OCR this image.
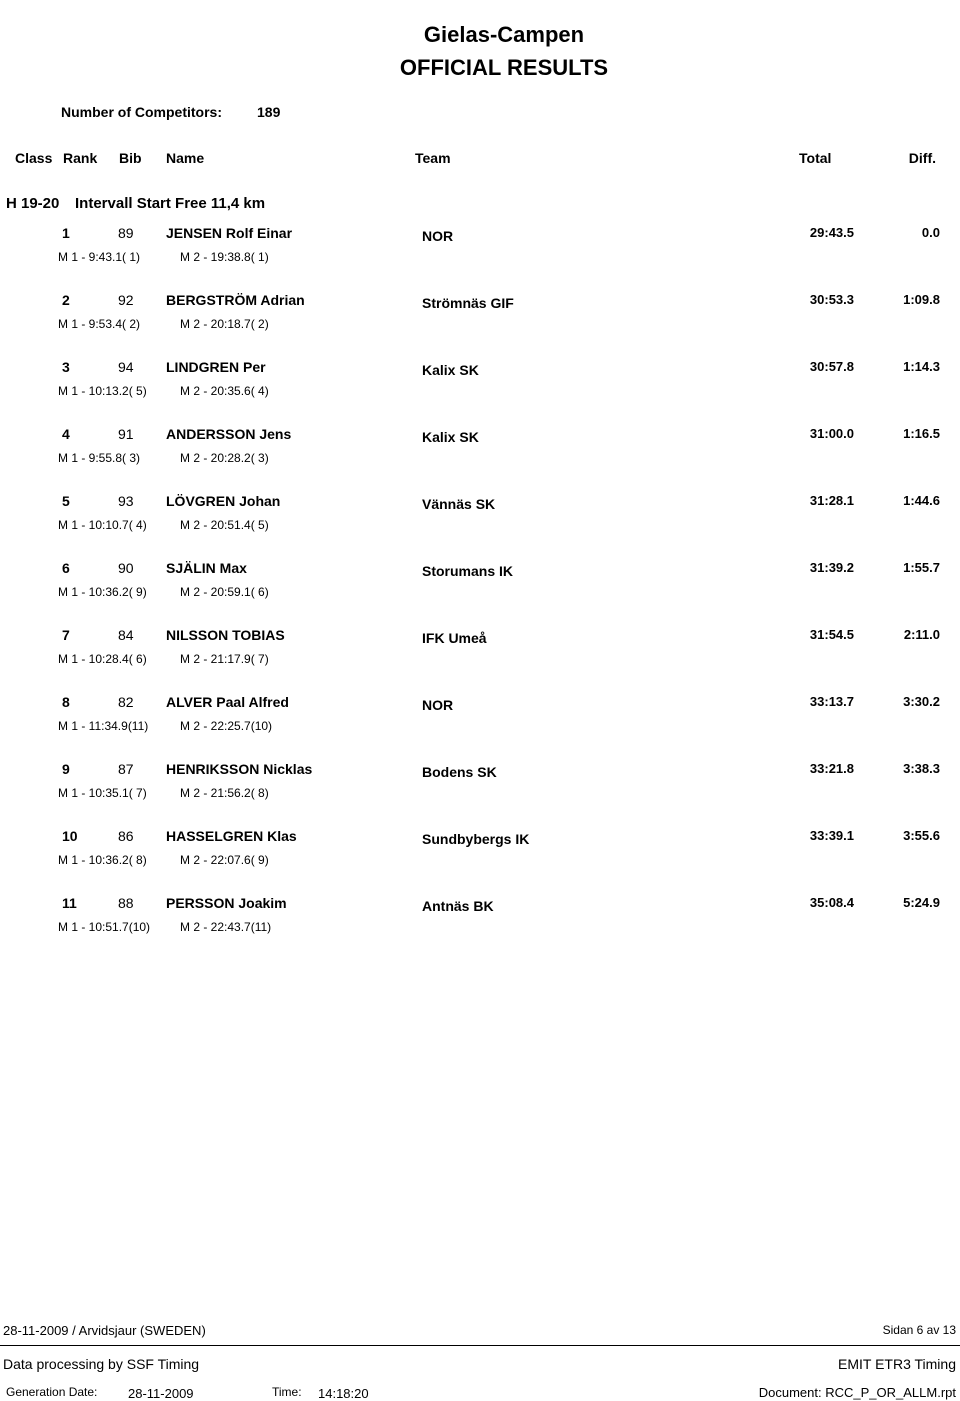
Gielas-Campen
OFFICIAL RESULTS
Number of Competitors:	189
Class Rank Bib Name	Team	Total	Diff.
H 19-20 Intervall Start Free 11,4 km
1	89 JENSEN Rolf Einar	NOR	29:43.5	0.0
M 1 - 9:43.1( 1)	M 2 - 19:38.8( 1)
2	92 BERGSTRÖM Adrian	Strömnäs GIF	30:53.3	1:09.8
M 1 - 9:53.4( 2)	M 2 - 20:18.7( 2)
3	94 LINDGREN Per	Kalix SK	30:57.8	1:14.3
M 1 - 10:13.2( 5)	M 2 - 20:35.6( 4)
4	91 ANDERSSON Jens	Kalix SK	31:00.0	1:16.5
M 1 - 9:55.8( 3)	M 2 - 20:28.2( 3)
5	93 LÖVGREN Johan	Vännäs SK	31:28.1	1:44.6
M 1 - 10:10.7( 4)	M 2 - 20:51.4( 5)
6	90 SJÄLIN Max	Storumans IK	31:39.2	1:55.7
M 1 - 10:36.2( 9)	M 2 - 20:59.1( 6)
7	84 NILSSON TOBIAS	IFK Umeå	31:54.5	2:11.0
M 1 - 10:28.4( 6)	M 2 - 21:17.9( 7)
8	82 ALVER Paal Alfred	NOR	33:13.7	3:30.2
M 1 - 11:34.9(11)	M 2 - 22:25.7(10)
9	87 HENRIKSSON Nicklas	Bodens SK	33:21.8	3:38.3
M 1 - 10:35.1( 7)	M 2 - 21:56.2( 8)
10	86 HASSELGREN Klas	Sundbybergs IK	33:39.1	3:55.6
M 1 - 10:36.2( 8)	M 2 - 22:07.6( 9)
11	88 PERSSON Joakim	Antnäs BK	35:08.4	5:24.9
M 1 - 10:51.7(10) M 2 - 22:43.7(11)
28-11-2009 / Arvidsjaur (SWEDEN)	Sidan 6 av 13
Data processing by SSF Timing	EMIT ETR3 Timing
Generation Date: 28-11-2009	Time: 14:18:20	Document: RCC_P_OR_ALLM.rpt
